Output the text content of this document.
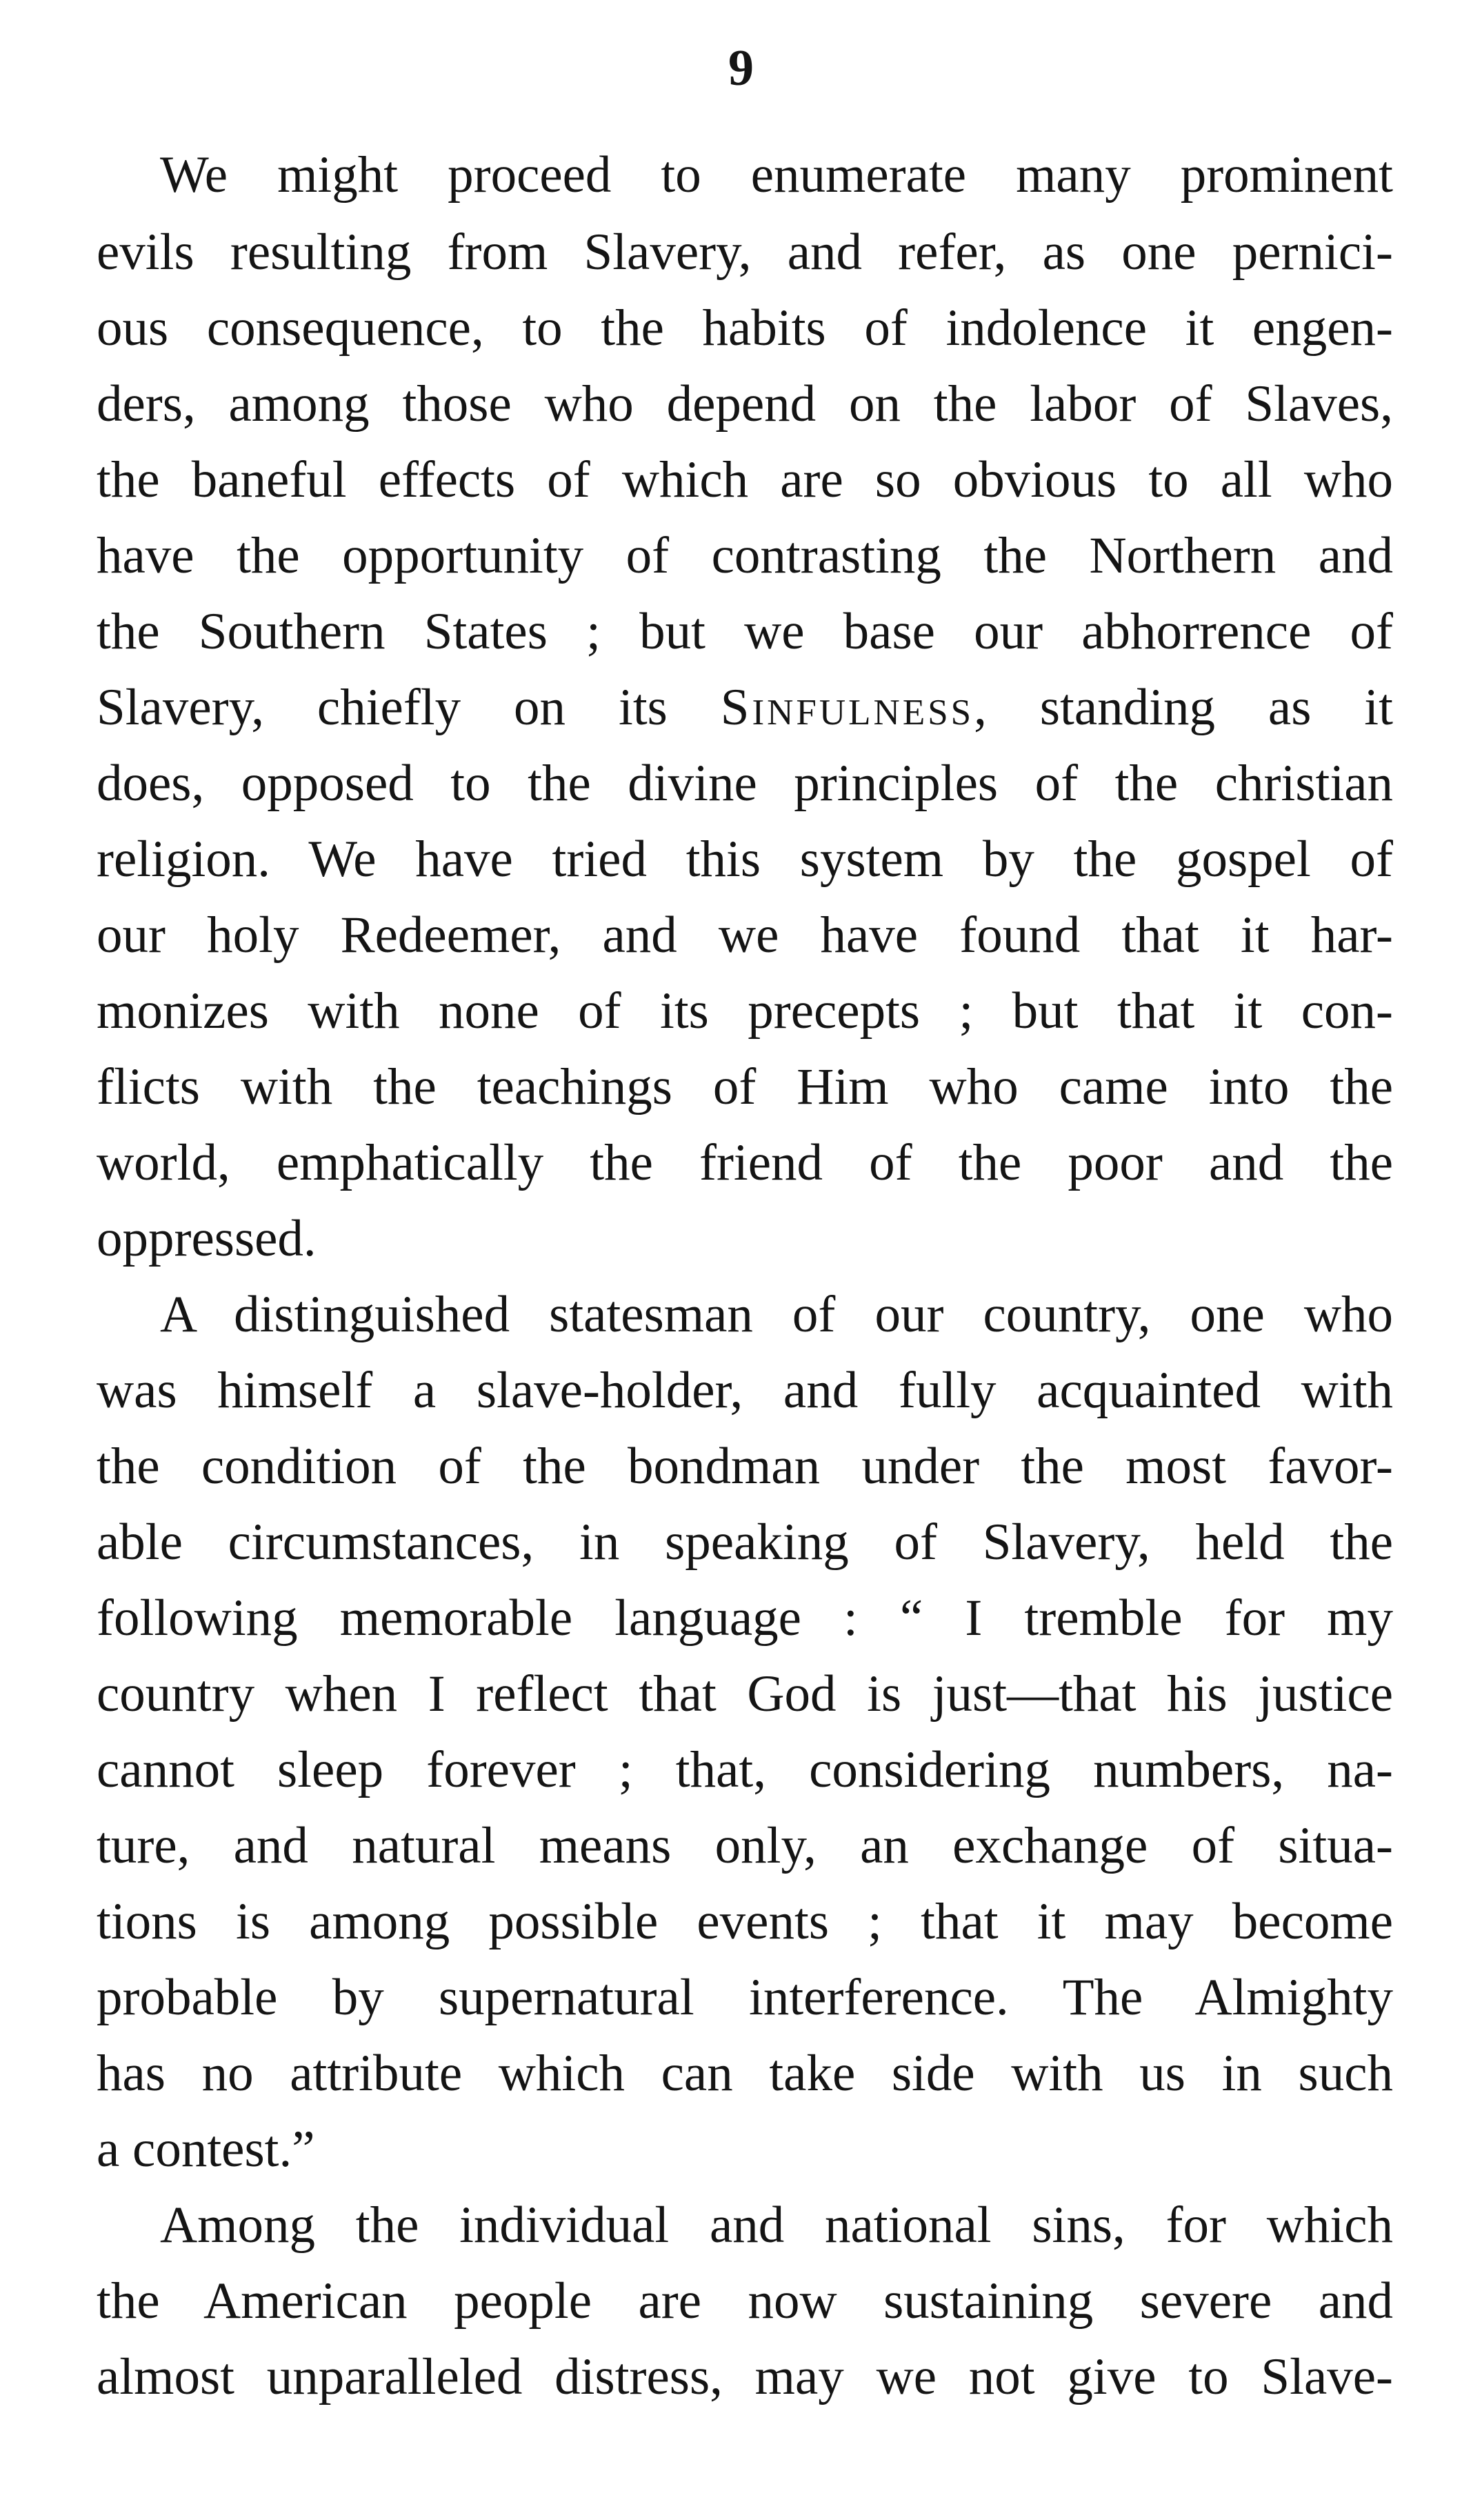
9
We might proceed to enumerate many prominent
evils resulting from Slavery, and refer, as one pernici-
ous consequence, to the habits of indolence it engen-
ders, among those who depend on the labor of Slaves,
the baneful effects of which are so obvious to all who
have the opportunity of contrasting the Northern and
the Southern States ; but we base our abhorrence of
Slavery, chiefly on its Sinfulness, standing as it
does, opposed to the divine principles of the christian
religion. We have tried this system by the gospel of
our holy Redeemer, and we have found that it har-
monizes with none of its precepts ; but that it con-
flicts with the teachings of Him who came into the
world, emphatically the friend of the poor and the
oppressed.
A distinguished statesman of our country, one who
was himself a slave-holder, and fully acquainted with
the condition of the bondman under the most favor-
able circumstances, in speaking of Slavery, held the
following memorable language : “ I tremble for my
country when I reflect that God is just—that his justice
cannot sleep forever ; that, considering numbers, na-
ture, and natural means only, an exchange of situa-
tions is among possible events ; that it may become
probable by supernatural interference. The Almighty
has no attribute which can take side with us in such
a contest.”
Among the individual and national sins, for which
the American people are now sustaining severe and
almost unparalleled distress, may we not give to Slave-
